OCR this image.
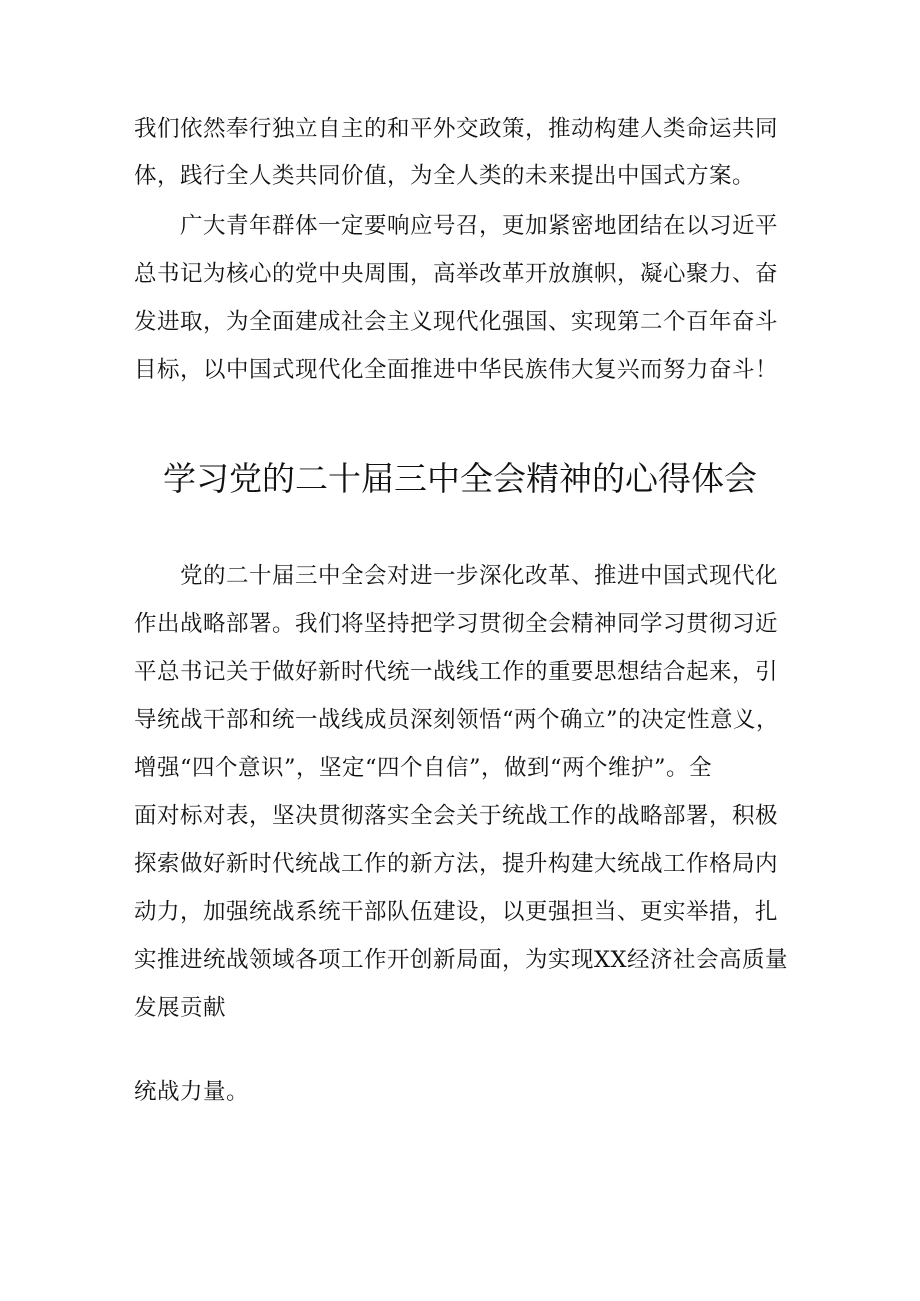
我们依然奉行独立自主的和平外交政策，推动构建人类命运共同
体，践行全人类共同价值，为全人类的未来提出中国式方案。
广大青年群体一定要响应号召，更加紧密地团结在以习近平
总书记为核心的党中央周围，高举改革开放旗帜，凝心聚力、奋
发进取，为全面建成社会主义现代化强国、实现第二个百年奋斗
目标，以中国式现代化全面推进中华民族伟大复兴而努力奋斗！
学习党的二十届三中全会精神的心得体会
党的二十届三中全会对进一步深化改革、推进中国式现代化
作出战略部署。我们将坚持把学习贯彻全会精神同学习贯彻习近
平总书记关于做好新时代统一战线工作的重要思想结合起来，引
导统战干部和统一战线成员深刻领悟“两个确立”的决定性意义，
增强“四个意识”，坚定“四个自信”，做到“两个维护”。全
面对标对表，坚决贯彻落实全会关于统战工作的战略部署，积极
探索做好新时代统战工作的新方法，提升构建大统战工作格局内
动力，加强统战系统干部队伍建设，以更强担当、更实举措，扎
实推进统战领域各项工作开创新局面，为实现XX经济社会高质量
发展贡献
统战力量。
